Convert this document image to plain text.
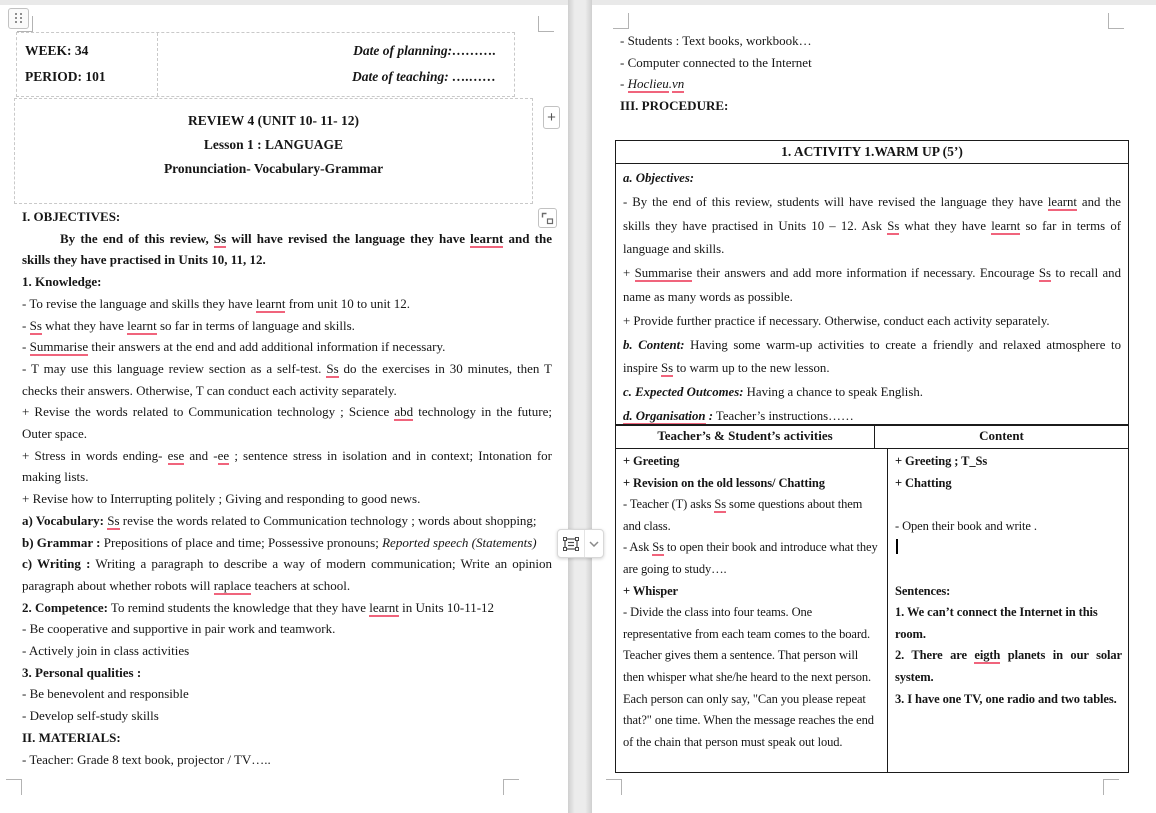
WEEK: 34
PERIOD: 101
Date of planning:……….
Date of teaching: ….……
REVIEW 4 (UNIT 10- 11- 12)
Lesson 1 : LANGUAGE
Pronunciation- Vocabulary-Grammar
I. OBJECTIVES:
By the end of this review, Ss will have revised the language they have learnt and the skills they have practised in Units 10, 11, 12.
1. Knowledge:
- To revise the language and skills they have learnt from unit 10 to unit 12.
- Ss what they have learnt so far in terms of language and skills.
- Summarise their answers at the end and add additional information if necessary.
- T may use this language review section as a self-test. Ss do the exercises in 30 minutes, then T checks their answers. Otherwise, T can conduct each activity separately.
+ Revise the words related to Communication technology ; Science abd technology in the future; Outer space.
+ Stress in words ending- ese and -ee ; sentence stress in isolation and in context; Intonation for making lists.
+ Revise how to Interrupting politely ; Giving and responding to good news.
a) Vocabulary: Ss revise the words related to Communication technology ; words about shopping;
b) Grammar : Prepositions of place and time; Possessive pronouns; Reported speech (Statements)
c) Writing : Writing a paragraph to describe a way of modern communication; Write an opinion paragraph about whether robots will raplace teachers at school.
2. Competence: To remind students the knowledge that they have learnt in Units 10-11-12
- Be cooperative and supportive in pair work and teamwork.
- Actively join in class activities
3. Personal qualities :
- Be benevolent and responsible
- Develop self-study skills
II. MATERIALS:
- Teacher: Grade 8 text book, projector / TV…..
- Students : Text books, workbook…
- Computer connected to the Internet
- Hoclieu.vn
III. PROCEDURE:
1. ACTIVITY 1.WARM UP (5’)
a. Objectives:
- By the end of this review, students will have revised the language they have learnt and the skills they have practised in Units 10 – 12. Ask Ss what they have learnt so far in terms of language and skills.
+ Summarise their answers and add more information if necessary. Encourage Ss to recall and name as many words as possible.
+ Provide further practice if necessary. Otherwise, conduct each activity separately.
b. Content: Having some warm-up activities to create a friendly and relaxed atmosphere to inspire Ss to warm up to the new lesson.
c. Expected Outcomes: Having a chance to speak English.
d. Organisation : Teacher’s instructions……
Teacher’s & Student’s activities	Content
+ Greeting
+ Revision on the old lessons/ Chatting
- Teacher (T) asks Ss some questions about them and class.
- Ask Ss to open their book and introduce what they are going to study….
+ Whisper
- Divide the class into four teams. One representative from each team comes to the board. Teacher gives them a sentence. That person will then whisper what she/he heard to the next person. Each person can only say, "Can you please repeat that?" one time. When the message reaches the end of the chain that person must speak out loud.
+ Greeting ; T_Ss
+ Chatting

- Open their book and write .

Sentences:
1. We can’t connect the Internet in this room.
2. There are eigth planets in our solar system.
3. I have one TV, one radio and two tables.
+
